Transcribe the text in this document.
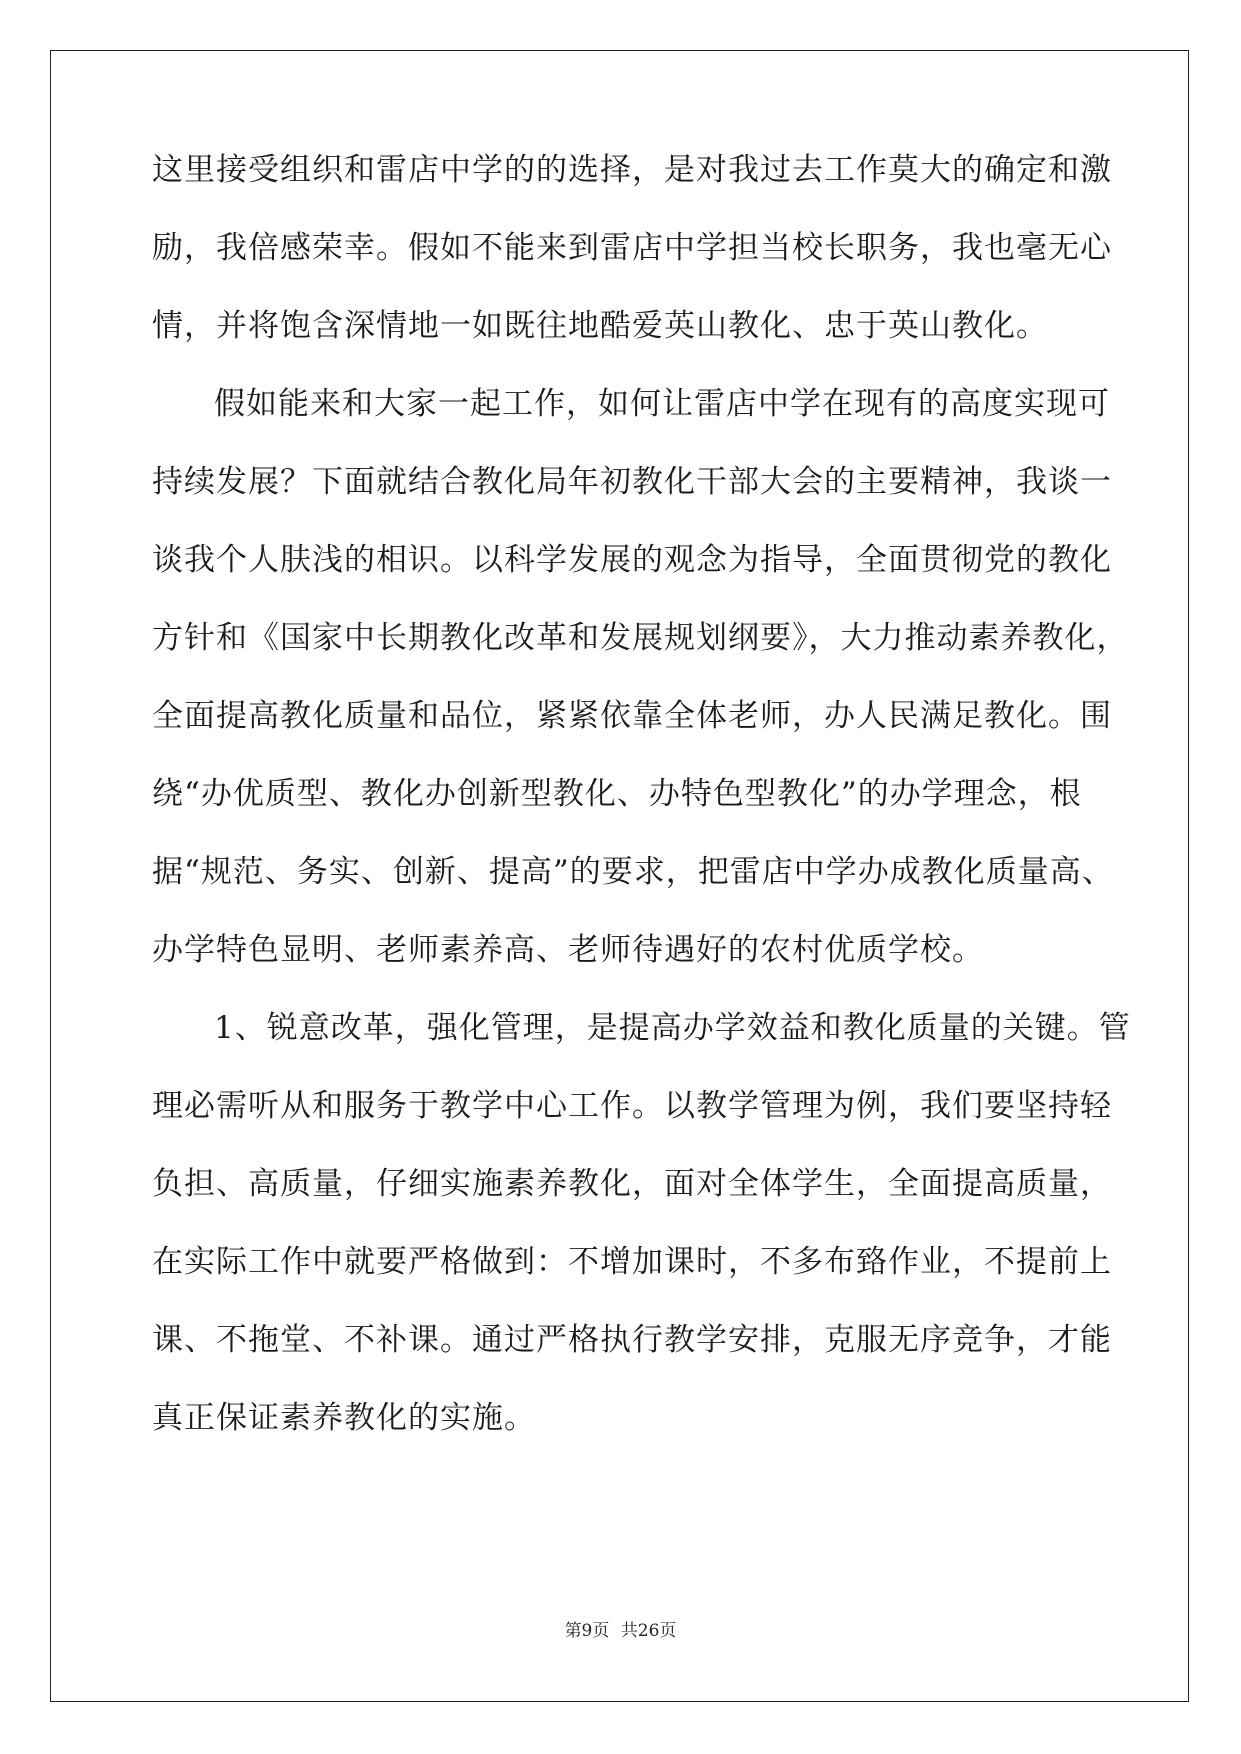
这里接受组织和雷店中学的的选择，是对我过去工作莫大的确定和激

励，我倍感荣幸。假如不能来到雷店中学担当校长职务，我也毫无心

情，并将饱含深情地一如既往地酷爱英山教化、忠于英山教化。

假如能来和大家一起工作，如何让雷店中学在现有的高度实现可

持续发展？下面就结合教化局年初教化干部大会的主要精神，我谈一

谈我个人肤浅的相识。以科学发展的观念为指导，全面贯彻党的教化

方针和《国家中长期教化改革和发展规划纲要》，大力推动素养教化，

全面提高教化质量和品位，紧紧依靠全体老师，办人民满足教化。围

绕“办优质型、教化办创新型教化、办特色型教化”的办学理念，根

据“规范、务实、创新、提高”的要求，把雷店中学办成教化质量高、

办学特色显明、老师素养高、老师待遇好的农村优质学校。

1、锐意改革，强化管理，是提高办学效益和教化质量的关键。管

理必需听从和服务于教学中心工作。以教学管理为例，我们要坚持轻

负担、高质量，仔细实施素养教化，面对全体学生，全面提高质量，

在实际工作中就要严格做到：不增加课时，不多布臵作业，不提前上

课、不拖堂、不补课。通过严格执行教学安排，克服无序竞争，才能

真正保证素养教化的实施。

第9页 共26页
